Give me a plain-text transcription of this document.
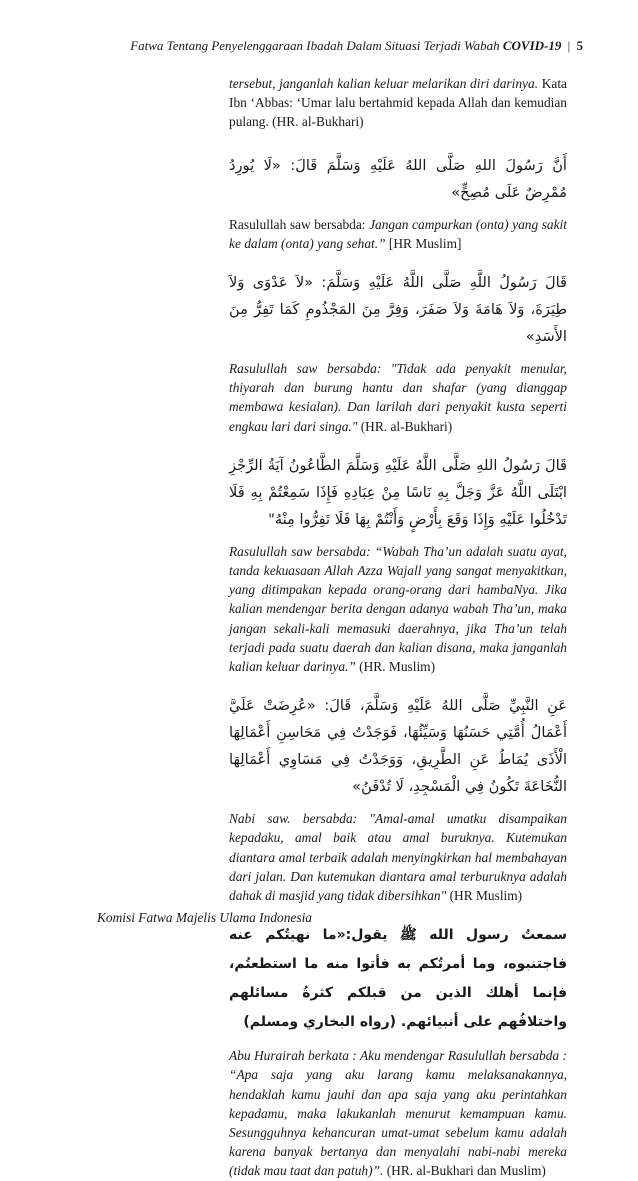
Fatwa Tentang Penyelenggaraan Ibadah Dalam Situasi Terjadi Wabah COVID-19 | 5

tersebut, janganlah kalian keluar melarikan diri darinya. Kata Ibn ‘Abbas: ‘Umar lalu bertahmid kepada Allah dan kemudian pulang. (HR. al-Bukhari)

أَنَّ رَسُولَ اللهِ صَلَّى اللهُ عَلَيْهِ وَسَلَّمَ قَالَ: «لَا يُورِدُ مُمْرِضٌ عَلَى مُصِحٍّ»

Rasulullah saw bersabda: Jangan campurkan (onta) yang sakit ke dalam (onta) yang sehat.” [HR Muslim]

قَالَ رَسُولُ اللَّهِ صَلَّى اللَّهُ عَلَيْهِ وَسَلَّمَ: «لاَ عَدْوَى وَلاَ طِيَرَةَ، وَلاَ هَامَةَ وَلاَ صَفَرَ، وَفِرَّ مِنَ المَجْذُومِ كَمَا تَفِرُّ مِنَ الأَسَدِ»

Rasulullah saw bersabda: "Tidak ada penyakit menular, thiyarah dan burung hantu dan shafar (yang dianggap membawa kesialan). Dan larilah dari penyakit kusta seperti engkau lari dari singa." (HR. al-Bukhari)

قَالَ رَسُولُ اللهِ صَلَّى اللَّهُ عَلَيْهِ وَسَلَّمَ الطَّاعُونُ آيَةُ الرِّجْزِ ابْتَلَى اللَّهُ عَزَّ وَجَلَّ بِهِ نَاسًا مِنْ عِبَادِهِ فَإِذَا سَمِعْتُمْ بِهِ فَلَا تَدْخُلُوا عَلَيْهِ وَإِذَا وَقَعَ بِأَرْضٍ وَأَنْتُمْ بِهَا فَلَا تَفِرُّوا مِنْهُ"

Rasulullah saw bersabda: “Wabah Tha’un adalah suatu ayat, tanda kekuasaan Allah Azza Wajall yang sangat menyakitkan, yang ditimpakan kepada orang-orang dari hambaNya. Jika kalian mendengar berita dengan adanya wabah Tha’un, maka jangan sekali-kali memasuki daerahnya, jika Tha’un telah terjadi pada suatu daerah dan kalian disana, maka janganlah kalian keluar darinya.” (HR. Muslim)

عَنِ النَّبِيِّ صَلَّى اللهُ عَلَيْهِ وَسَلَّمَ، قَالَ: «عُرِضَتْ عَلَيَّ أَعْمَالُ أُمَّتِي حَسَنُهَا وَسَيِّئُهَا، فَوَجَدْتُ فِي مَحَاسِنِ أَعْمَالِهَا الْأَذَى يُمَاطُ عَنِ الطَّرِيقِ، وَوَجَدْتُ فِي مَسَاوِي أَعْمَالِهَا النُّخَاعَةَ تَكُونُ فِي الْمَسْجِدِ، لَا تُدْفَنُ»

Nabi saw. bersabda: "Amal-amal umatku disampaikan kepadaku, amal baik atau amal buruknya. Kutemukan diantara amal terbaik adalah menyingkirkan hal membahayan dari jalan. Dan kutemukan diantara amal terburuknya adalah dahak di masjid yang tidak dibersihkan" (HR Muslim)

سمعتُ رسول الله ﷺ يقول:«ما نهيتُكم عنه فاجتنبوه، وما أمرتُكم به فأتوا منه ما استطعتُم، فإنما أهلك الذين من قبلكم كثرةُ مسائلهم واختلافُهم على أنبيائهم. (رواه البخاري ومسلم)

Abu Hurairah berkata : Aku mendengar Rasulullah bersabda : “Apa saja yang aku larang kamu melaksanakannya, hendaklah kamu jauhi dan apa saja yang aku perintahkan kepadamu, maka lakukanlah menurut kemampuan kamu. Sesungguhnya kehancuran umat-umat sebelum kamu adalah karena banyak bertanya dan menyalahi nabi-nabi mereka (tidak mau taat dan patuh)”. (HR. al-Bukhari dan Muslim)

Komisi Fatwa Majelis Ulama Indonesia
